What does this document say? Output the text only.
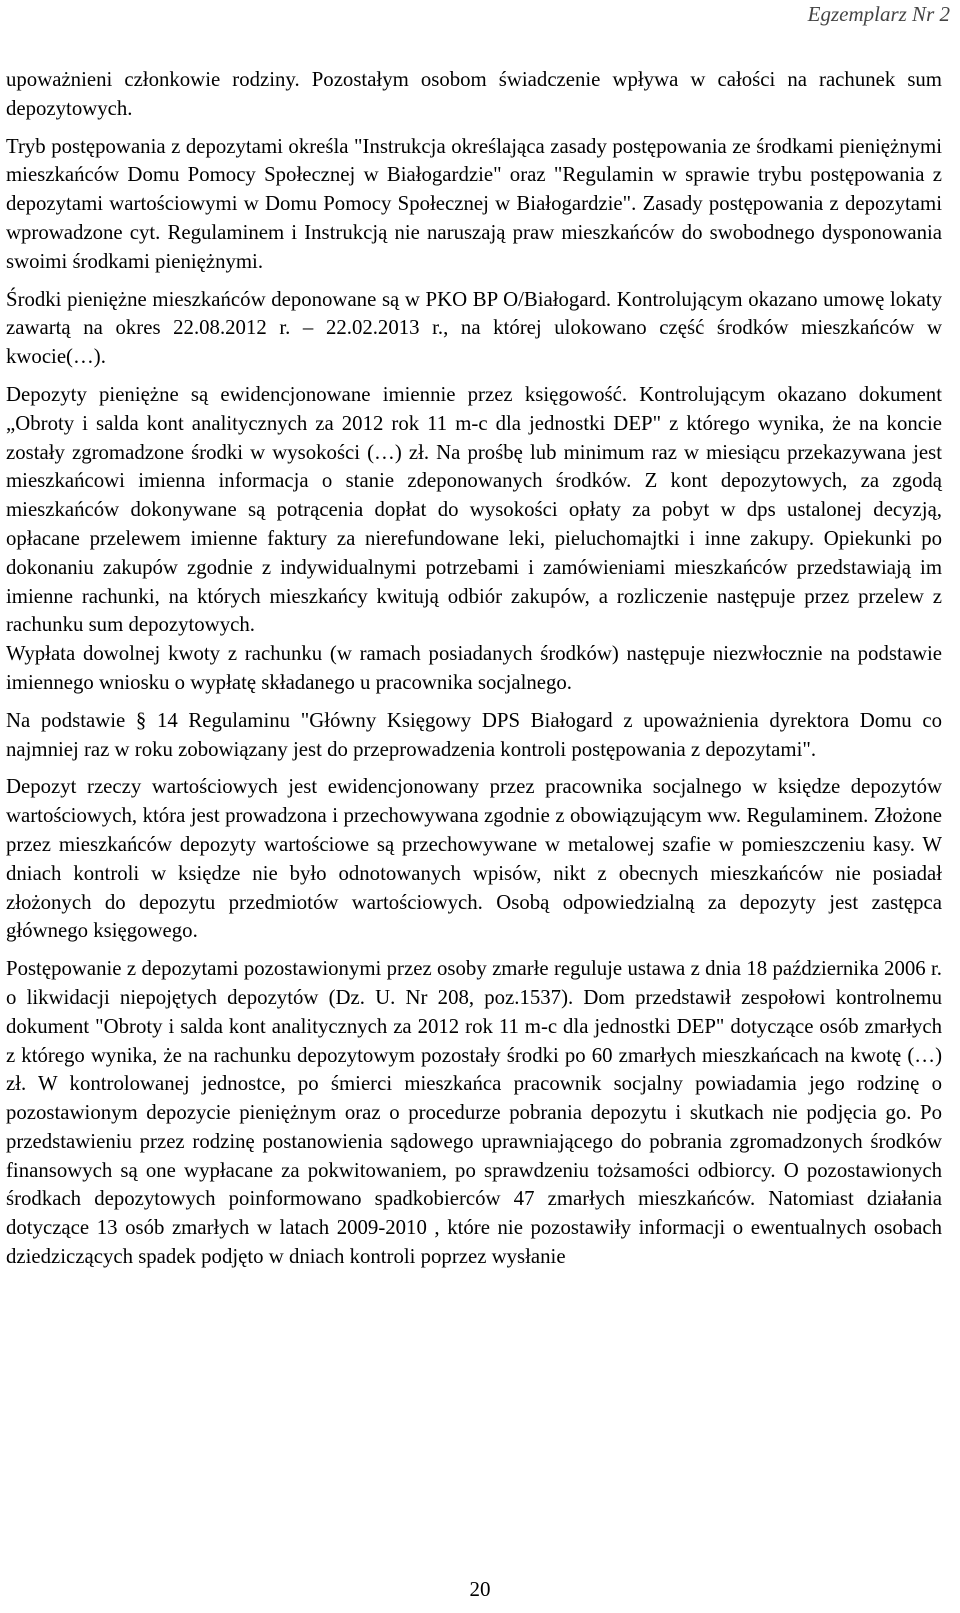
Egzemplarz Nr 2

upoważnieni członkowie rodziny. Pozostałym osobom świadczenie wpływa w całości na rachunek sum depozytowych.

Tryb postępowania z depozytami określa "Instrukcja określająca zasady postępowania ze środkami pieniężnymi mieszkańców Domu Pomocy Społecznej w Białogardzie" oraz "Regulamin w sprawie trybu postępowania z depozytami wartościowymi w Domu Pomocy Społecznej w Białogardzie". Zasady postępowania z depozytami wprowadzone cyt. Regulaminem i Instrukcją nie naruszają praw mieszkańców do swobodnego dysponowania swoimi środkami pieniężnymi.

Środki pieniężne mieszkańców deponowane są w PKO BP O/Białogard. Kontrolującym okazano umowę lokaty zawartą na okres 22.08.2012 r. – 22.02.2013 r., na której ulokowano część środków mieszkańców w kwocie(…).

Depozyty pieniężne są ewidencjonowane imiennie przez księgowość. Kontrolującym okazano dokument „Obroty i salda kont analitycznych za 2012 rok 11 m-c dla jednostki DEP" z którego wynika, że na koncie zostały zgromadzone środki w wysokości (…) zł. Na prośbę lub minimum raz w miesiącu przekazywana jest mieszkańcowi imienna informacja o stanie zdeponowanych środków. Z kont depozytowych, za zgodą mieszkańców dokonywane są potrącenia dopłat do wysokości opłaty za pobyt w dps ustalonej decyzją, opłacane przelewem imienne faktury za nierefundowane leki, pieluchomajtki i inne zakupy. Opiekunki po dokonaniu zakupów zgodnie z indywidualnymi potrzebami i zamówieniami mieszkańców przedstawiają im imienne rachunki, na których mieszkańcy kwitują odbiór zakupów, a rozliczenie następuje przez przelew z rachunku sum depozytowych.

Wypłata dowolnej kwoty z rachunku (w ramach posiadanych środków) następuje niezwłocznie na podstawie imiennego wniosku o wypłatę składanego u pracownika socjalnego.

Na podstawie § 14 Regulaminu "Główny Księgowy DPS Białogard z upoważnienia dyrektora Domu co najmniej raz w roku zobowiązany jest do przeprowadzenia kontroli postępowania z depozytami".

Depozyt rzeczy wartościowych jest ewidencjonowany przez pracownika socjalnego w księdze depozytów wartościowych, która jest prowadzona i przechowywana zgodnie z obowiązującym ww. Regulaminem. Złożone przez mieszkańców depozyty wartościowe są przechowywane w metalowej szafie w pomieszczeniu kasy. W dniach kontroli w księdze nie było odnotowanych wpisów, nikt z obecnych mieszkańców nie posiadał złożonych do depozytu przedmiotów wartościowych. Osobą odpowiedzialną za depozyty jest zastępca głównego księgowego.

Postępowanie z depozytami pozostawionymi przez osoby zmarłe reguluje ustawa z dnia 18 października 2006 r. o likwidacji niepojętych depozytów (Dz. U. Nr 208, poz.1537). Dom przedstawił zespołowi kontrolnemu dokument "Obroty i salda kont analitycznych za 2012 rok 11 m-c dla jednostki DEP" dotyczące osób zmarłych z którego wynika, że na rachunku depozytowym pozostały środki po 60 zmarłych mieszkańcach na kwotę (…) zł. W kontrolowanej jednostce, po śmierci mieszkańca pracownik socjalny powiadamia jego rodzinę o pozostawionym depozycie pieniężnym oraz o procedurze pobrania depozytu i skutkach nie podjęcia go. Po przedstawieniu przez rodzinę postanowienia sądowego uprawniającego do pobrania zgromadzonych środków finansowych są one wypłacane za pokwitowaniem, po sprawdzeniu tożsamości odbiorcy. O pozostawionych środkach depozytowych poinformowano spadkobierców 47 zmarłych mieszkańców. Natomiast działania dotyczące 13 osób zmarłych w latach 2009-2010 , które nie pozostawiły informacji o ewentualnych osobach dziedziczących spadek podjęto w dniach kontroli poprzez wysłanie

20
